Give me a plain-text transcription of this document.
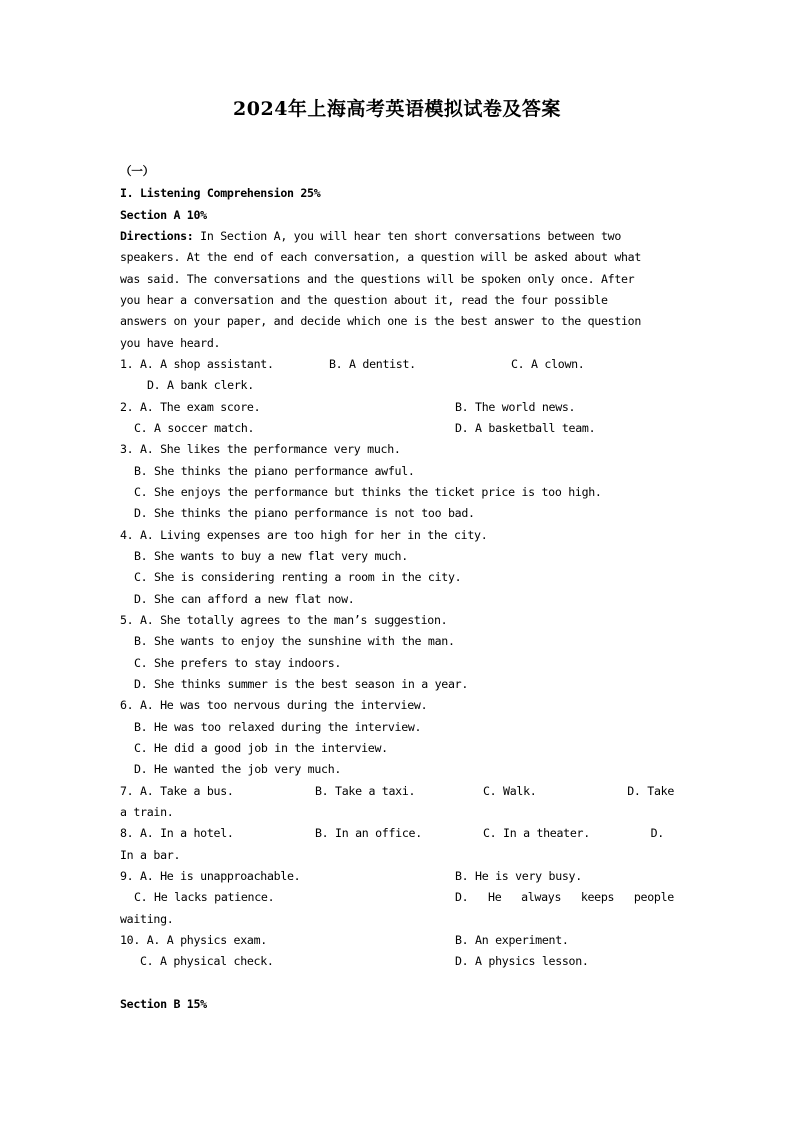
2024年上海高考英语模拟试卷及答案
（一）
I. Listening Comprehension 25%
Section A 10%
Directions: In Section A, you will hear ten short conversations between two
speakers. At the end of each conversation, a question will be asked about what
was said. The conversations and the questions will be spoken only once. After
you hear a conversation and the question about it, read the four possible
answers on your paper, and decide which one is the best answer to the question
you have heard.
1. A. A shop assistant.	B. A dentist.	C. A clown.
D. A bank clerk.
2. A. The exam score.	B. The world news.
C. A soccer match.	D. A basketball team.
3. A. She likes the performance very much.
B. She thinks the piano performance awful.
C. She enjoys the performance but thinks the ticket price is too high.
D. She thinks the piano performance is not too bad.
4. A. Living expenses are too high for her in the city.
B. She wants to buy a new flat very much.
C. She is considering renting a room in the city.
D. She can afford a new flat now.
5. A. She totally agrees to the man’s suggestion.
B. She wants to enjoy the sunshine with the man.
C. She prefers to stay indoors.
D. She thinks summer is the best season in a year.
6. A. He was too nervous during the interview.
B. He was too relaxed during the interview.
C. He did a good job in the interview.
D. He wanted the job very much.
7. A. Take a bus.	B. Take a taxi.	C. Walk.	D. Take
a train.
8. A. In a hotel.	B. In an office.	C. In a theater.	D.
In a bar.
9. A. He is unapproachable.	B. He is very busy.
C. He lacks patience.	D. He always keeps people
waiting.
10. A. A physics exam.	B. An experiment.
C. A physical check.	D. A physics lesson.
Section B 15%
